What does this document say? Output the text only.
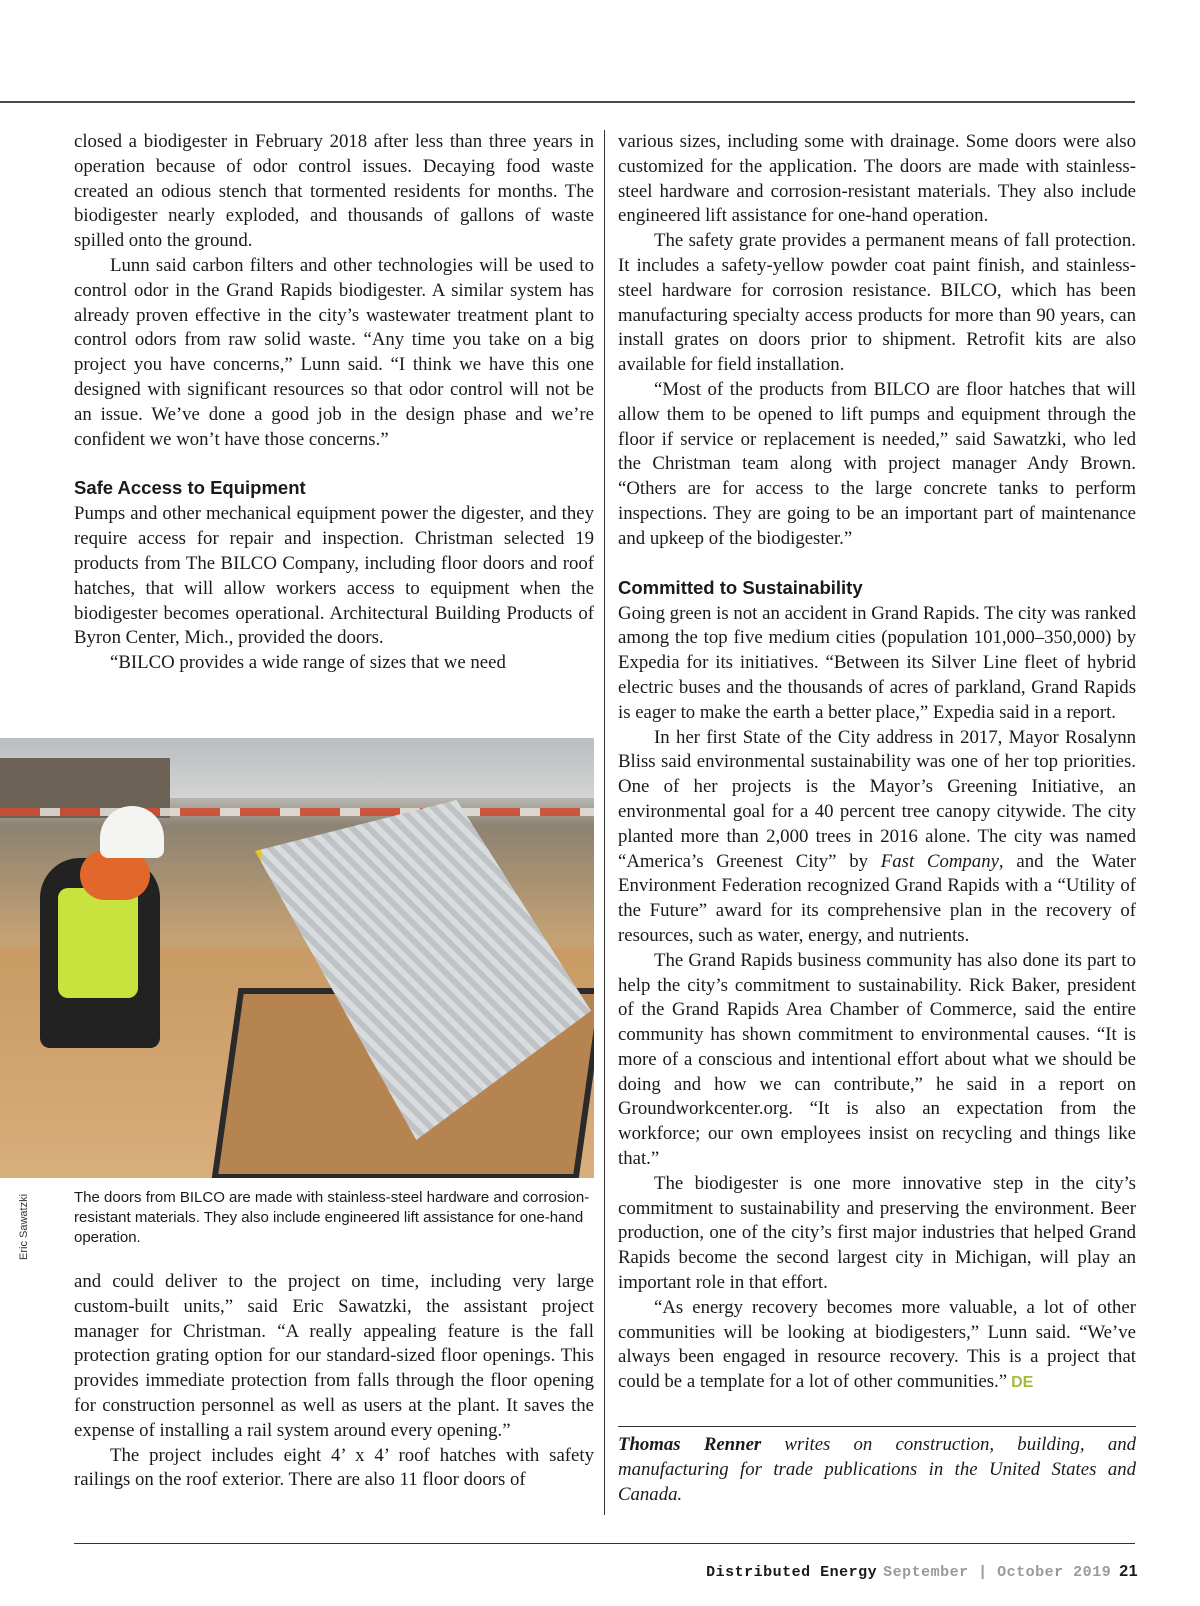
closed a biodigester in February 2018 after less than three years in operation because of odor control issues. Decaying food waste created an odious stench that tormented residents for months. The biodigester nearly exploded, and thousands of gallons of waste spilled onto the ground.

Lunn said carbon filters and other technologies will be used to control odor in the Grand Rapids biodigester. A similar system has already proven effective in the city’s wastewater treatment plant to control odors from raw solid waste. “Any time you take on a big project you have concerns,” Lunn said. “I think we have this one designed with significant resources so that odor control will not be an issue. We’ve done a good job in the design phase and we’re confident we won’t have those concerns.”

Safe Access to Equipment

Pumps and other mechanical equipment power the digester, and they require access for repair and inspection. Christman selected 19 products from The BILCO Company, including floor doors and roof hatches, that will allow workers access to equipment when the biodigester becomes operational. Architectural Building Products of Byron Center, Mich., provided the doors.

“BILCO provides a wide range of sizes that we need

Eric Sawatzki	The doors from BILCO are made with stainless-steel hardware and corrosion-resistant materials. They also include engineered lift assistance for one-hand operation.

and could deliver to the project on time, including very large custom-built units,” said Eric Sawatzki, the assistant project manager for Christman. “A really appealing feature is the fall protection grating option for our standard-sized floor openings. This provides immediate protection from falls through the floor opening for construction personnel as well as users at the plant. It saves the expense of installing a rail system around every opening.”

The project includes eight 4’ x 4’ roof hatches with safety railings on the roof exterior. There are also 11 floor doors of

various sizes, including some with drainage. Some doors were also customized for the application. The doors are made with stainless-steel hardware and corrosion-resistant materials. They also include engineered lift assistance for one-hand operation.

The safety grate provides a permanent means of fall protection. It includes a safety-yellow powder coat paint finish, and stainless-steel hardware for corrosion resistance. BILCO, which has been manufacturing specialty access products for more than 90 years, can install grates on doors prior to shipment. Retrofit kits are also available for field installation.

“Most of the products from BILCO are floor hatches that will allow them to be opened to lift pumps and equipment through the floor if service or replacement is needed,” said Sawatzki, who led the Christman team along with project manager Andy Brown. “Others are for access to the large concrete tanks to perform inspections. They are going to be an important part of maintenance and upkeep of the biodigester.”

Committed to Sustainability

Going green is not an accident in Grand Rapids. The city was ranked among the top five medium cities (population 101,000–350,000) by Expedia for its initiatives. “Between its Silver Line fleet of hybrid electric buses and the thousands of acres of parkland, Grand Rapids is eager to make the earth a better place,” Expedia said in a report.

In her first State of the City address in 2017, Mayor Rosalynn Bliss said environmental sustainability was one of her top priorities. One of her projects is the Mayor’s Greening Initiative, an environmental goal for a 40 percent tree canopy citywide. The city planted more than 2,000 trees in 2016 alone. The city was named “America’s Greenest City” by Fast Company, and the Water Environment Federation recognized Grand Rapids with a “Utility of the Future” award for its comprehensive plan in the recovery of resources, such as water, energy, and nutrients.

The Grand Rapids business community has also done its part to help the city’s commitment to sustainability. Rick Baker, president of the Grand Rapids Area Chamber of Commerce, said the entire community has shown commitment to environmental causes. “It is more of a conscious and intentional effort about what we should be doing and how we can contribute,” he said in a report on Groundworkcenter.org. “It is also an expectation from the workforce; our own employees insist on recycling and things like that.”

The biodigester is one more innovative step in the city’s commitment to sustainability and preserving the environment. Beer production, one of the city’s first major industries that helped Grand Rapids become the second largest city in Michigan, will play an important role in that effort.

“As energy recovery becomes more valuable, a lot of other communities will be looking at biodigesters,” Lunn said. “We’ve always been engaged in resource recovery. This is a project that could be a template for a lot of other communities.” DE

Thomas Renner writes on construction, building, and manufacturing for trade publications in the United States and Canada.

Distributed Energy September | October 2019 21
